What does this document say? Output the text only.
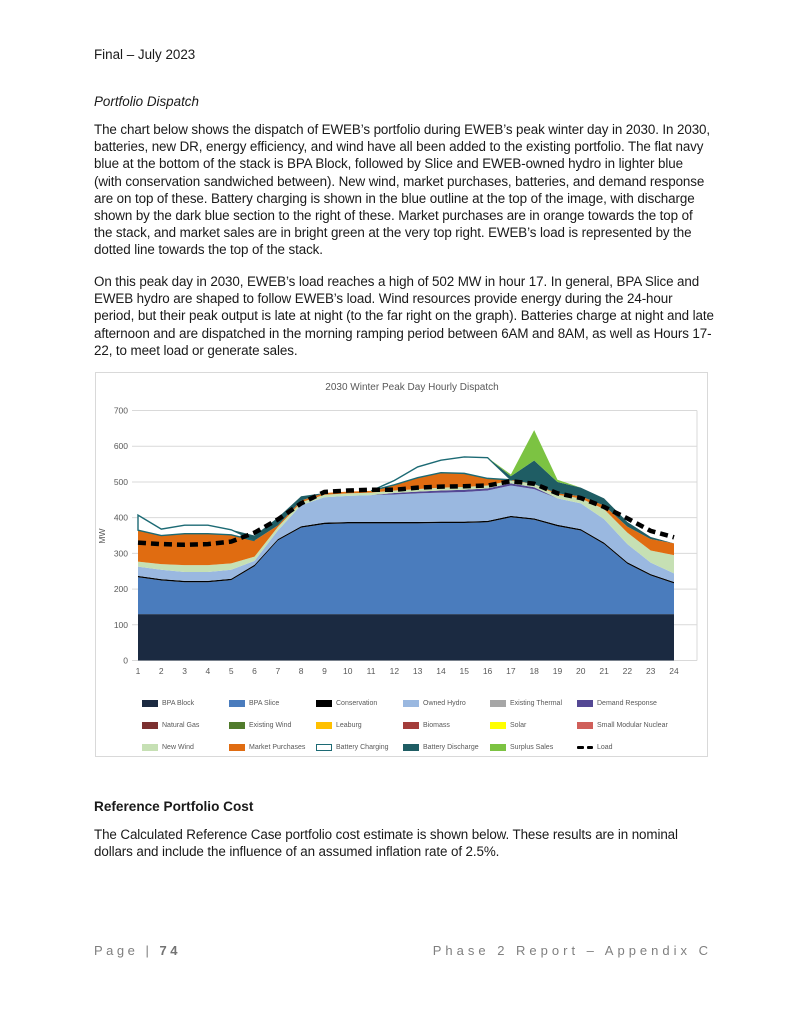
Final – July 2023
Portfolio Dispatch

The chart below shows the dispatch of EWEB’s portfolio during EWEB’s peak winter day in 2030. In 2030, batteries, new DR, energy efficiency, and wind have all been added to the existing portfolio. The flat navy blue at the bottom of the stack is BPA Block, followed by Slice and EWEB-owned hydro in lighter blue (with conservation sandwiched between). New wind, market purchases, batteries, and demand response are on top of these. Battery charging is shown in the blue outline at the top of the image, with discharge shown by the dark blue section to the right of these. Market purchases are in orange towards the top of the stack, and market sales are in bright green at the very top right. EWEB’s load is represented by the dotted line towards the top of the stack.

On this peak day in 2030, EWEB’s load reaches a high of 502 MW in hour 17. In general, BPA Slice and EWEB hydro are shaped to follow EWEB’s load. Wind resources provide energy during the 24-hour period, but their peak output is late at night (to the far right on the graph). Batteries charge at night and late afternoon and are dispatched in the morning ramping period between 6AM and 8AM, as well as Hours 17-22, to meet load or generate sales.

0
100
200
300
400
500
600
700
1 2 3 4 5 6 7 8 9 10 11 12 13 14 15 16 17 18 19 20 21 22 23 24
2030 Winter Peak Day Hourly Dispatch
MW
BPA Block	BPA Slice	Conservation	Owned Hydro	Existing Thermal	Demand Response
Natural Gas	Existing Wind	Leaburg	Biomass	Solar	Small Modular Nuclear
New Wind	Market Purchases	Battery Charging	Battery Discharge	Surplus Sales	Load
Reference Portfolio Cost

The Calculated Reference Case portfolio cost estimate is shown below. These results are in nominal dollars and include the influence of an assumed inflation rate of 2.5%.

Page | 74	Phase 2 Report – Appendix C
